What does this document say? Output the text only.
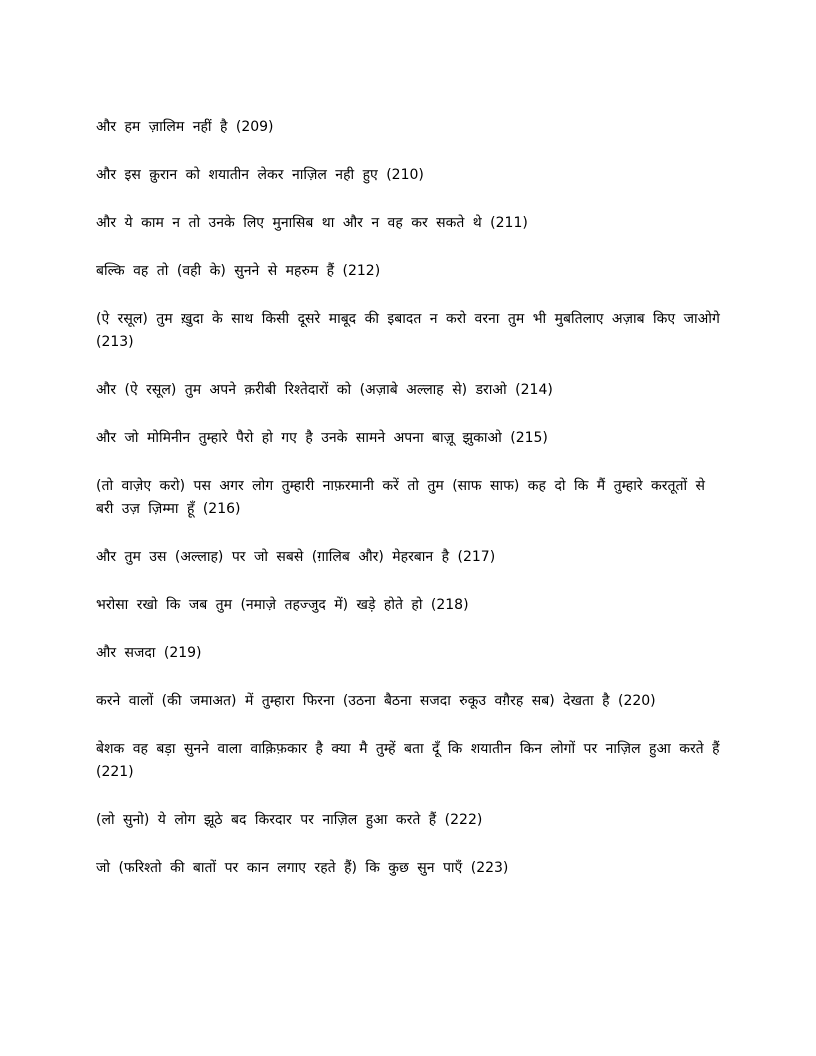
और हम ज़ालिम नहीं है (209)

और इस कु़रान को शयातीन लेकर नाज़िल नही हुए (210)

और ये काम न तो उनके लिए मुनासिब था और न वह कर सकते थे (211)

बल्कि वह तो (वही के) सुनने से महरुम हैं (212)

(ऐ रसूल) तुम ख़ुदा के साथ किसी दूसरे माबूद की इबादत न करो वरना तुम भी मुबतिलाए अज़ाब किए जाओगे (213)

और (ऐ रसूल) तुम अपने क़रीबी रिश्तेदारों को (अज़ाबे अल्लाह से) डराओ (214)

और जो मोमिनीन तुम्हारे पैरो हो गए है उनके सामने अपना बाज़ू झुकाओ (215)

(तो वाजे़ए करो) पस अगर लोग तुम्हारी नाफ़रमानी करें तो तुम (साफ साफ) कह दो कि मैं तुम्हारे करतूतों से बरी उज़ ज़िम्मा हूँ (216)

और तुम उस (अल्लाह) पर जो सबसे (ग़ालिब और) मेहरबान है (217)

भरोसा रखो कि जब तुम (नमाजे़ तहज्जुद में) खडे़ होते हो (218)

और सजदा (219)

करने वालों (की जमाअत) में तुम्हारा फिरना (उठना बैठना सजदा रुकूउ वग़ैरह सब) देखता है (220)

बेशक वह बड़ा सुनने वाला वाक़िफ़कार है क्या मै तुम्हें बता दूँ कि शयातीन किन लोगों पर नाज़िल हुआ करते हैं (221)

(लो सुनो) ये लोग झूठे बद किरदार पर नाज़िल हुआ करते हैं (222)

जो (फरिश्तो की बातों पर कान लगाए रहते हैं) कि कुछ सुन पाएँ (223)
